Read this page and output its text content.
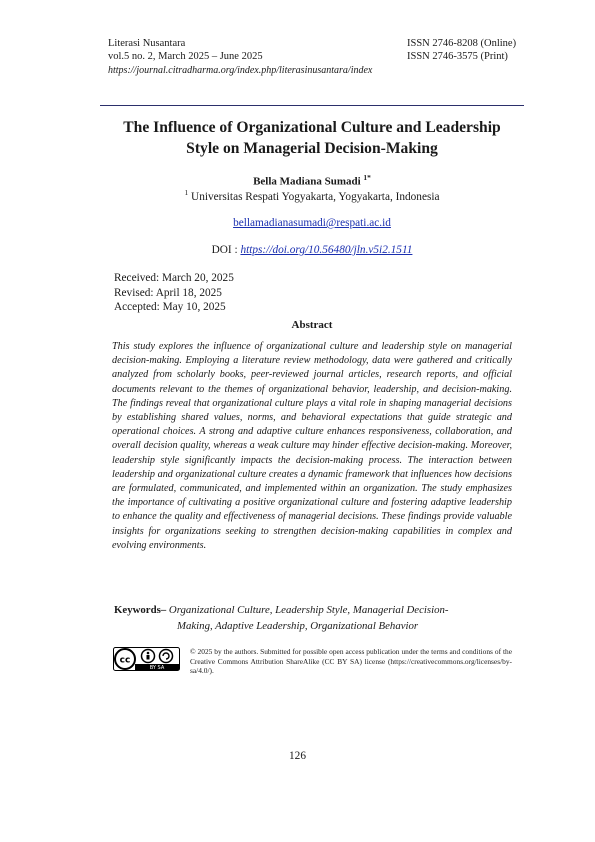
Literasi Nusantara
vol.5 no. 2, March 2025 – June 2025
https://journal.citradharma.org/index.php/literasinusantara/index
ISSN 2746-8208 (Online)
ISSN 2746-3575 (Print)
The Influence of Organizational Culture and Leadership
Style on Managerial Decision-Making
Bella Madiana Sumadi $^{1*}$
$^1$ Universitas Respati Yogyakarta, Yogyakarta, Indonesia
bellamadianasumadi@respati.ac.id
DOI : https://doi.org/10.56480/jln.v5i2.1511
Received: March 20, 2025
Revised: April 18, 2025
Accepted: May 10, 2025
Abstract

This study explores the influence of organizational culture and leadership style on managerial decision-making. Employing a literature review methodology, data were gathered and critically analyzed from scholarly books, peer-reviewed journal articles, research reports, and official documents relevant to the themes of organizational behavior, leadership, and decision-making. The findings reveal that organizational culture plays a vital role in shaping managerial decisions by establishing shared values, norms, and behavioral expectations that guide strategic and operational choices. A strong and adaptive culture enhances responsiveness, collaboration, and overall decision quality, whereas a weak culture may hinder effective decision-making. Moreover, leadership style significantly impacts the decision-making process. The interaction between leadership and organizational culture creates a dynamic framework that influences how decisions are formulated, communicated, and implemented within an organization. The study emphasizes the importance of cultivating a positive organizational culture and fostering adaptive leadership to enhance the quality and effectiveness of managerial decisions. These findings provide valuable insights for organizations seeking to strengthen decision-making capabilities in complex and evolving environments.

Keywords– Organizational Culture, Leadership Style, Managerial Decision-
Making, Adaptive Leadership, Organizational Behavior
cc
BY SA

© 2025 by the authors. Submitted for possible open access publication under the terms and conditions of the Creative Commons Attribution ShareAlike (CC BY SA) license (https://creativecommons.org/licenses/by-sa/4.0/).

126
